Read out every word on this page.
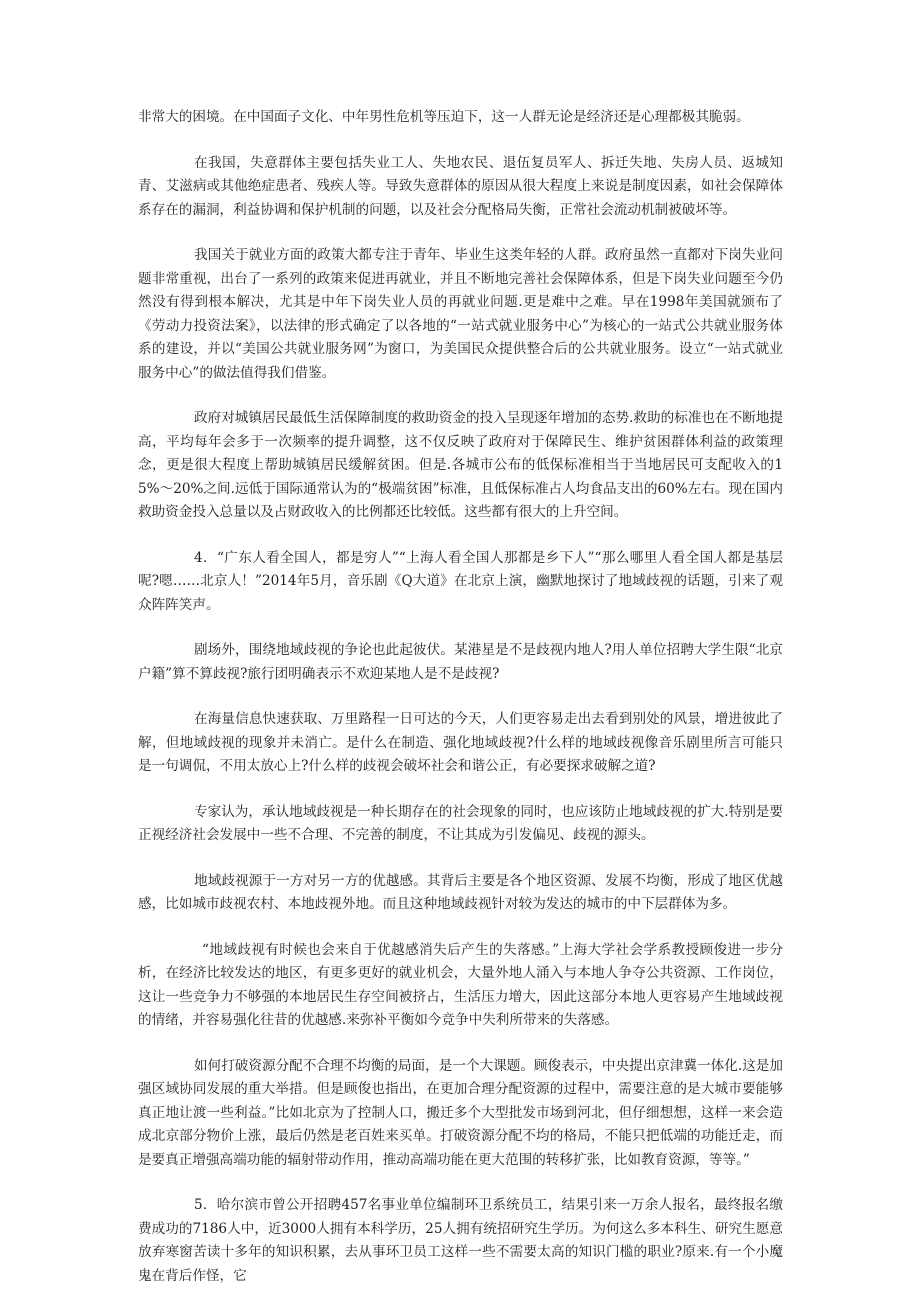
非常大的困境。在中国面子文化、中年男性危机等压迫下，这一人群无论是经济还是心理都极其脆弱。

在我国，失意群体主要包括失业工人、失地农民、退伍复员军人、拆迁失地、失房人员、返城知青、艾滋病或其他绝症患者、残疾人等。导致失意群体的原因从很大程度上来说是制度因素，如社会保障体系存在的漏洞，利益协调和保护机制的问题，以及社会分配格局失衡，正常社会流动机制被破坏等。

我国关于就业方面的政策大都专注于青年、毕业生这类年轻的人群。政府虽然一直都对下岗失业问题非常重视，出台了一系列的政策来促进再就业，并且不断地完善社会保障体系，但是下岗失业问题至今仍然没有得到根本解决，尤其是中年下岗失业人员的再就业问题.更是难中之难。早在1998年美国就颁布了《劳动力投资法案》，以法律的形式确定了以各地的“一站式就业服务中心”为核心的一站式公共就业服务体系的建设，并以“美国公共就业服务网”为窗口，为美国民众提供整合后的公共就业服务。设立“一站式就业服务中心”的做法值得我们借鉴。

政府对城镇居民最低生活保障制度的救助资金的投入呈现逐年增加的态势.救助的标准也在不断地提高，平均每年会多于一次频率的提升调整，这不仅反映了政府对于保障民生、维护贫困群体利益的政策理念，更是很大程度上帮助城镇居民缓解贫困。但是.各城市公布的低保标准相当于当地居民可支配收入的15%〜20%之间.远低于国际通常认为的“极端贫困”标准，且低保标准占人均食品支出的60%左右。现在国内救助资金投入总量以及占财政收入的比例都还比较低。这些都有很大的上升空间。

4．“广东人看全国人，都是穷人”“上海人看全国人那都是乡下人”“那么哪里人看全国人都是基层呢?嗯……北京人！”2014年5月，音乐剧《Q大道》在北京上演，幽默地探讨了地域歧视的话题，引来了观众阵阵笑声。

剧场外，围绕地域歧视的争论也此起彼伏。某港星是不是歧视内地人?用人单位招聘大学生限“北京户籍”算不算歧视?旅行团明确表示不欢迎某地人是不是歧视?

在海量信息快速获取、万里路程一日可达的今天，人们更容易走出去看到别处的风景，增进彼此了解，但地域歧视的现象并未消亡。是什么在制造、强化地域歧视?什么样的地域歧视像音乐剧里所言可能只是一句调侃，不用太放心上?什么样的歧视会破坏社会和谐公正，有必要探求破解之道?

专家认为，承认地域歧视是一种长期存在的社会现象的同时，也应该防止地域歧视的扩大.特别是要正视经济社会发展中一些不合理、不完善的制度，不让其成为引发偏见、歧视的源头。

地域歧视源于一方对另一方的优越感。其背后主要是各个地区资源、发展不均衡，形成了地区优越感，比如城市歧视农村、本地歧视外地。而且这种地域歧视针对较为发达的城市的中下层群体为多。

“地域歧视有时候也会来自于优越感消失后产生的失落感。”上海大学社会学系教授顾俊进一步分析，在经济比较发达的地区，有更多更好的就业机会，大量外地人涌入与本地人争夺公共资源、工作岗位，这让一些竞争力不够强的本地居民生存空间被挤占，生活压力增大，因此这部分本地人更容易产生地域歧视的情绪，并容易强化往昔的优越感.来弥补平衡如今竞争中失利所带来的失落感。

如何打破资源分配不合理不均衡的局面，是一个大课题。顾俊表示，中央提出京津冀一体化.这是加强区域协同发展的重大举措。但是顾俊也指出，在更加合理分配资源的过程中，需要注意的是大城市要能够真正地让渡一些利益。”比如北京为了控制人口，搬迁多个大型批发市场到河北，但仔细想想，这样一来会造成北京部分物价上涨，最后仍然是老百姓来买单。打破资源分配不均的格局，不能只把低端的功能迁走，而是要真正增强高端功能的辐射带动作用，推动高端功能在更大范围的转移扩张，比如教育资源，等等。”

5．哈尔滨市曾公开招聘457名事业单位编制环卫系统员工，结果引来一万余人报名，最终报名缴费成功的7186人中，近3000人拥有本科学历，25人拥有统招研究生学历。为何这么多本科生、研究生愿意放弃寒窗苦读十多年的知识积累，去从事环卫员工这样一些不需要太高的知识门槛的职业?原来.有一个小魔鬼在背后作怪，它
